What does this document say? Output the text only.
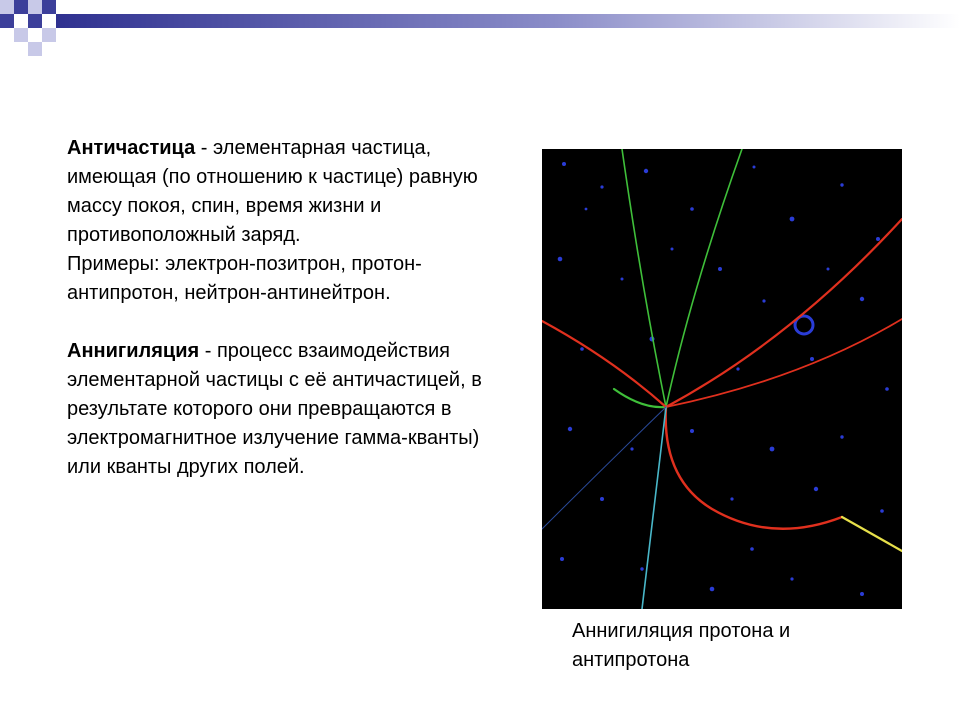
Античастица - элементарная частица, имеющая (по отношению к частице) равную массу покоя, спин, время жизни и противоположный заряд.

Примеры: электрон-позитрон, протон-антипротон, нейтрон-антинейтрон.

Аннигиляция - процесс взаимодействия элементарной частицы с её античастицей, в результате которого они превращаются в электромагнитное излучение гамма-кванты) или кванты других полей.

Аннигиляция протона и антипротона
